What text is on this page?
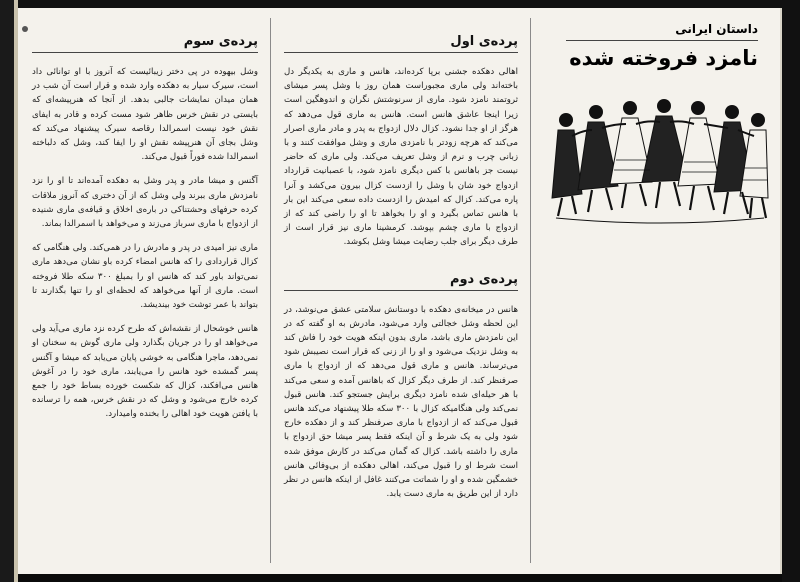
پرده‌ی سوم

وشل بیهوده در پی دختر زیبائیست که آنروز با او توانائی داد است، سیرک سیار به دهکده وارد شده و قرار است آن شب در همان میدان نمایشات جالبی بدهد. از آنجا که هنرپیشه‌ای که بایستی در نقش خرس ظاهر شود مست کرده و قادر به ایفای نقش خود نیست اسمرالدا رقاصه سیرک پیشنهاد می‌کند که وشل بجای آن هنرپیشه نقش او را ایفا کند، وشل که دلباخته اسمرالدا شده فوراً قبول می‌کند.

آگنس و میشا مادر و پدر وشل به دهکده آمده‌اند تا او را نزد نامزدش ماری ببرند ولی وشل که از آن دختری که آنروز ملاقات کرده حرفهای وحشتناکی در باره‌ی اخلاق و قیافه‌ی ماری شنیده از ازدواج با ماری سرباز می‌زند و می‌خواهد با اسمرالدا بماند.

ماری نیز امیدی در پدر و مادرش را در همی‌کند. ولی هنگامی که کزال قراردادی را که هانس امضاء کرده باو نشان می‌دهد ماری نمی‌تواند باور کند که هانس او را بمبلغ ۳۰۰ سکه طلا فروخته است. ماری از آنها می‌خواهد که لحظه‌ای او را تنها بگذارند تا بتواند با عمر توشت خود بیندیشد.

هانس خوشحال از نقشه‌اش که طرح کرده نزد ماری می‌آید ولی می‌خواهد او را در جریان بگذارد ولی ماری گوش به سخنان او نمی‌دهد، ماجرا هنگامی به خوشی پایان می‌یابد که میشا و آگنس پسر گمشده خود هانس را می‌یابند، ماری خود را در آغوش هانس می‌افکند، کزال که شکست خورده بساط خود را جمع کرده خارج می‌شود و وشل که در نقش خرس، همه را ترسانده با یافتن هویت خود اهالی را بخنده وامیدارد.

پرده‌ی اول

اهالی دهکده جشنی برپا کرده‌اند، هانس و ماری به یکدیگر دل باخته‌اند ولی ماری مجبوراست همان روز با وشل پسر میشای ثروتمند نامزد شود. ماری از سرنوشتش نگران و اندوهگین است زیرا اینجا عاشق هانس است. هانس به ماری قول می‌دهد که هرگز از او جدا نشود. کزال دلال ازدواج به پدر و مادر ماری اصرار می‌کند که هرچه زودتر با نامزدی ماری و وشل موافقت کنند و با زبانی چرب و نرم از وشل تعریف می‌کند. ولی ماری که حاضر نیست جز باهانس با کس دیگری نامزد شود، با عصبانیت قرارداد ازدواج خود شان با وشل را ازدست کزال بیرون می‌کشد و آنرا پاره می‌کند. کزال که امیدش را ازدست داده سعی می‌کند این بار با هانس تماس بگیرد و او را بخواهد تا او را راضی کند که از ازدواج با ماری چشم بپوشد. کرمشینا ماری نیز قرار است از طرف دیگر برای جلب رضایت میشا وشل بکوشد.

پرده‌ی دوم

هانس در میخانه‌ی دهکده با دوستانش سلامتی عشق می‌نوشد، در این لحظه وشل خجالتی وارد می‌شود، مادرش به او گفته که در این نامزدش ماری باشد، ماری بدون اینکه هویت خود را فاش کند به وشل نزدیک می‌شود و او را از زنی که قرار است نصیبش شود می‌ترساند. هانس و ماری قول می‌دهد که از ازدواج با ماری صرفنظر کند. از طرف دیگر کزال که باهانس آمده و سعی می‌کند با هر حیله‌ای شده نامزد دیگری برایش جستجو کند. هانس قبول نمی‌کند ولی هنگامیکه کزال با ۳۰۰ سکه طلا پیشنهاد می‌کند هانس قبول می‌کند که از ازدواج با ماری صرفنظر کند و از دهکده خارج شود ولی به یک شرط و آن اینکه فقط پسر میشا حق ازدواج با ماری را داشته باشد. کزال که گمان می‌کند در کارش موفق شده است شرط او را قبول می‌کند، اهالی دهکده از بی‌وفائی هانس خشمگین شده و او را شماتت می‌کنند غافل از اینکه هانس در نظر دارد از این طریق به ماری دست یابد.

داستان ایرانی
نامزد فروخته شده
